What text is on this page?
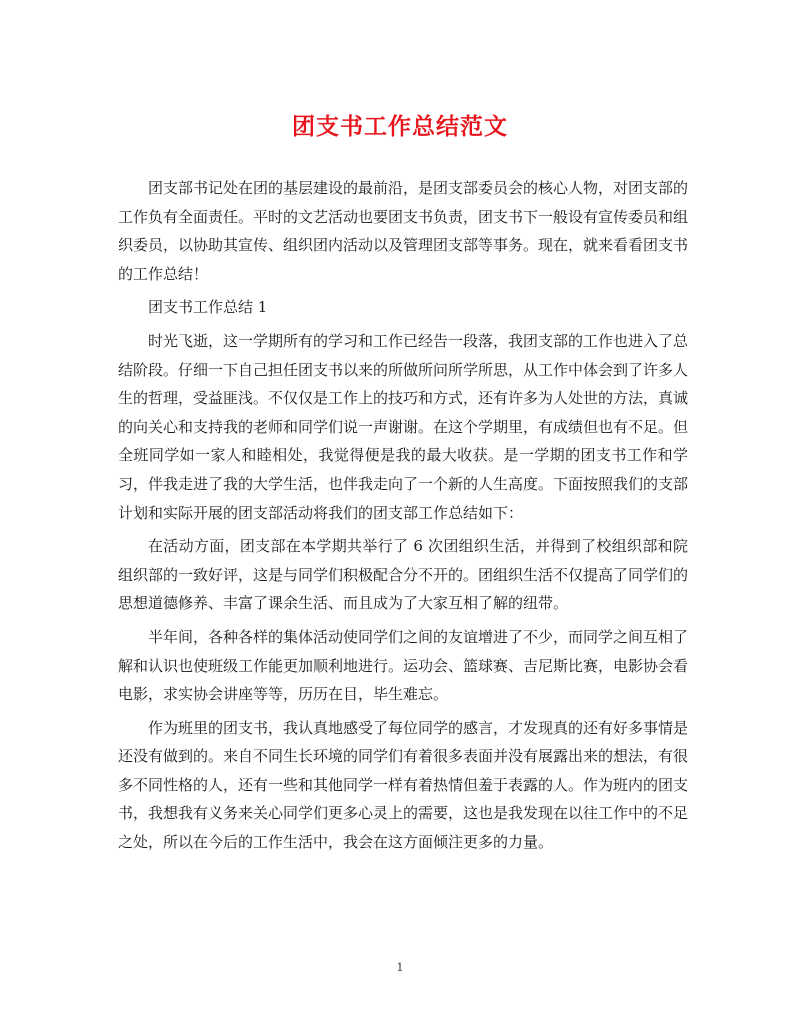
团支书工作总结范文

团支部书记处在团的基层建设的最前沿，是团支部委员会的核心人物，对团支部的工作负有全面责任。平时的文艺活动也要团支书负责，团支书下一般设有宣传委员和组织委员，以协助其宣传、组织团内活动以及管理团支部等事务。现在，就来看看团支书的工作总结！

团支书工作总结 1

时光飞逝，这一学期所有的学习和工作已经告一段落，我团支部的工作也进入了总结阶段。仔细一下自己担任团支书以来的所做所问所学所思，从工作中体会到了许多人生的哲理，受益匪浅。不仅仅是工作上的技巧和方式，还有许多为人处世的方法，真诚的向关心和支持我的老师和同学们说一声谢谢。在这个学期里，有成绩但也有不足。但全班同学如一家人和睦相处，我觉得便是我的最大收获。是一学期的团支书工作和学习，伴我走进了我的大学生活，也伴我走向了一个新的人生高度。下面按照我们的支部计划和实际开展的团支部活动将我们的团支部工作总结如下：

在活动方面，团支部在本学期共举行了 6 次团组织生活，并得到了校组织部和院组织部的一致好评，这是与同学们积极配合分不开的。团组织生活不仅提高了同学们的思想道德修养、丰富了课余生活、而且成为了大家互相了解的纽带。

半年间，各种各样的集体活动使同学们之间的友谊增进了不少，而同学之间互相了解和认识也使班级工作能更加顺利地进行。运功会、篮球赛、吉尼斯比赛，电影协会看电影，求实协会讲座等等，历历在目，毕生难忘。

作为班里的团支书，我认真地感受了每位同学的感言，才发现真的还有好多事情是还没有做到的。来自不同生长环境的同学们有着很多表面并没有展露出来的想法，有很多不同性格的人，还有一些和其他同学一样有着热情但羞于表露的人。作为班内的团支书，我想我有义务来关心同学们更多心灵上的需要，这也是我发现在以往工作中的不足之处，所以在今后的工作生活中，我会在这方面倾注更多的力量。

1
